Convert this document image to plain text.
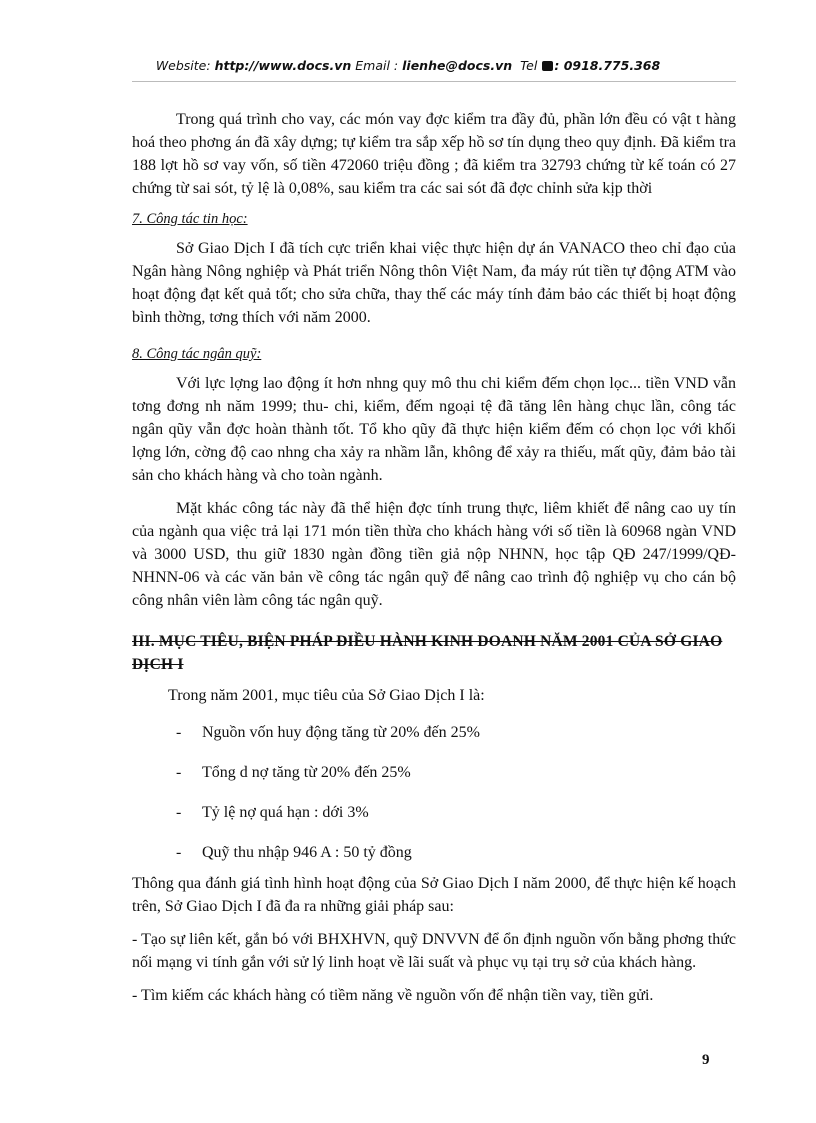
Website: http://www.docs.vn Email : lienhe@docs.vn Tel : 0918.775.368

Trong quá trình cho vay, các món vay đợc kiểm tra đầy đủ, phần lớn đều có vật t hàng hoá theo phơng án đã xây dựng; tự kiểm tra sắp xếp hồ sơ tín dụng theo quy định. Đã kiểm tra 188 lợt hồ sơ vay vốn, số tiền 472060 triệu đồng ; đã kiểm tra 32793 chứng từ kế toán có 27 chứng từ sai sót, tỷ lệ là 0,08%, sau kiểm tra các sai sót đã đợc chỉnh sửa kịp thời

7. Công tác tin học:

Sở Giao Dịch I đã tích cực triển khai việc thực hiện dự án VANACO theo chỉ đạo của Ngân hàng Nông nghiệp và Phát triển Nông thôn Việt Nam, đa máy rút tiền tự động ATM vào hoạt động đạt kết quả tốt; cho sửa chữa, thay thế các máy tính đảm bảo các thiết bị hoạt động bình thờng, tơng thích với năm 2000.

8. Công tác ngân quỹ:

Với lực lợng lao động ít hơn nhng quy mô thu chi kiểm đếm chọn lọc... tiền VND vẫn tơng đơng nh năm 1999; thu- chi, kiểm, đếm ngoại tệ đã tăng lên hàng chục lần, công tác ngân qũy vẫn đợc hoàn thành tốt. Tổ kho qũy đã thực hiện kiểm đếm có chọn lọc với khối lợng lớn, cờng độ cao nhng cha xảy ra nhầm lẫn, không để xảy ra thiếu, mất qũy, đảm bảo tài sản cho khách hàng và cho toàn ngành.

Mặt khác công tác này đã thể hiện đợc tính trung thực, liêm khiết để nâng cao uy tín của ngành qua việc trả lại 171 món tiền thừa cho khách hàng với số tiền là 60968 ngàn VND và 3000 USD, thu giữ 1830 ngàn đồng tiền giả nộp NHNN, học tập QĐ 247/1999/QĐ-NHNN-06 và các văn bản về công tác ngân quỹ để nâng cao trình độ nghiệp vụ cho cán bộ công nhân viên làm công tác ngân quỹ.

III. MỤC TIÊU, BIỆN PHÁP ĐIỀU HÀNH KINH DOANH NĂM 2001 CỦA SỞ GIAO DỊCH I

Trong năm 2001, mục tiêu của Sở Giao Dịch I là:

- Nguồn vốn huy động tăng từ 20% đến 25%
- Tổng d nợ tăng từ 20% đến 25%
- Tỷ lệ nợ quá hạn : dới 3%
- Quỹ thu nhập 946 A : 50 tỷ đồng

Thông qua đánh giá tình hình hoạt động của Sở Giao Dịch I năm 2000, để thực hiện kế hoạch trên, Sở Giao Dịch I đã đa ra những giải pháp sau:

- Tạo sự liên kết, gắn bó với BHXHVN, quỹ DNVVN để ổn định nguồn vốn bằng phơng thức nối mạng vi tính gắn với sử lý linh hoạt về lãi suất và phục vụ tại trụ sở của khách hàng.

- Tìm kiếm các khách hàng có tiềm năng về nguồn vốn để nhận tiền vay, tiền gửi.

9
